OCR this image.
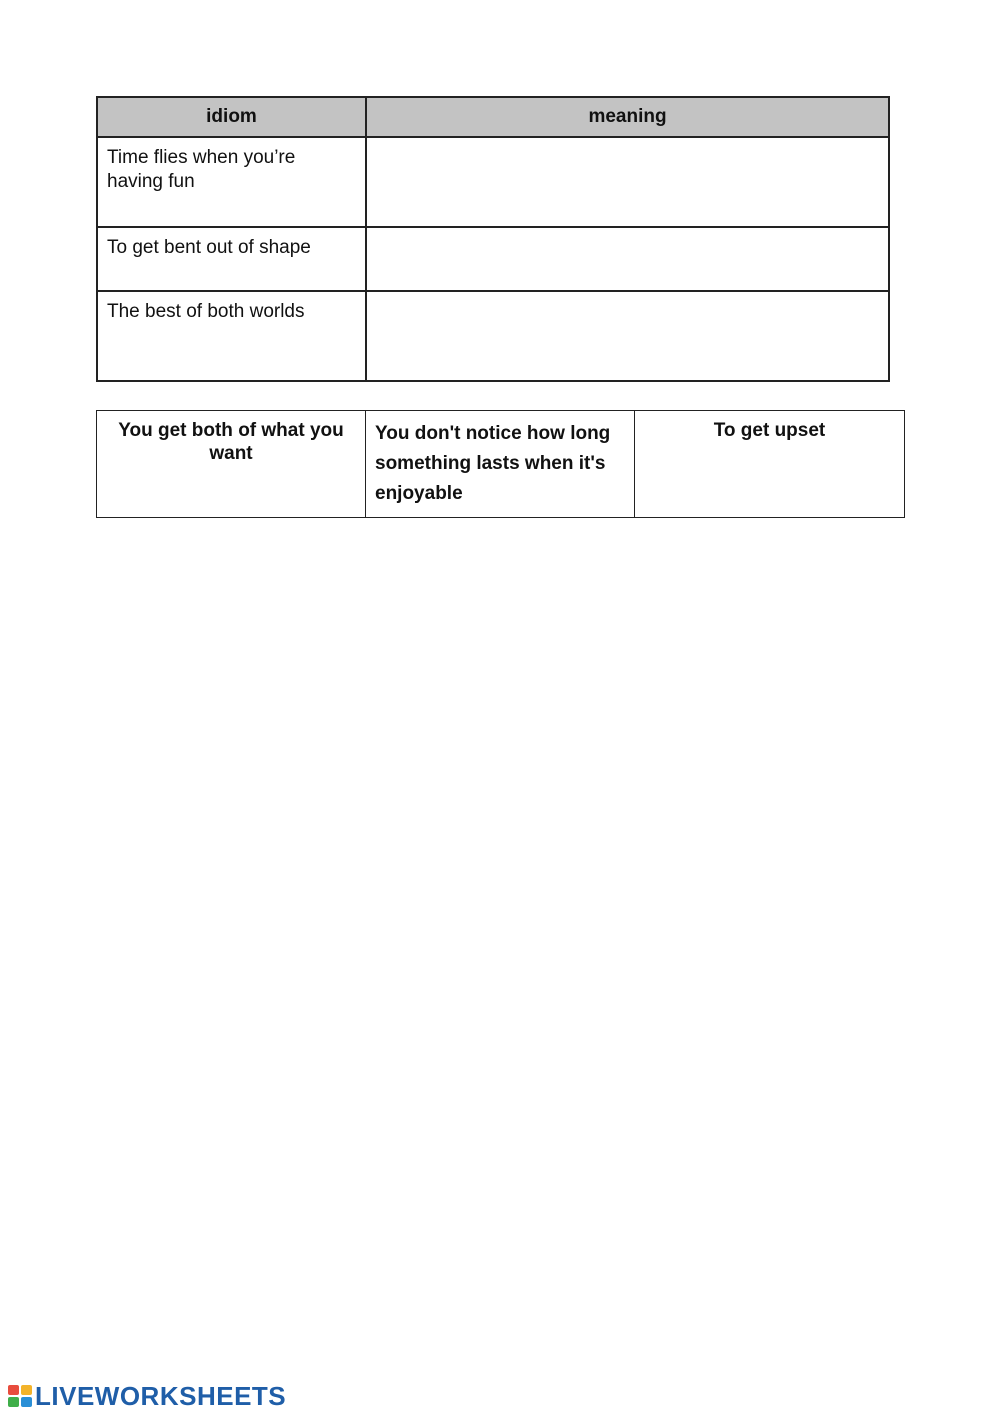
idiom	meaning
Time flies when you’re having fun	
To get bent out of shape	
The best of both worlds	
You get both of what you want	You don't notice how long something lasts when it's enjoyable	To get upset
LIVEWORKSHEETS
